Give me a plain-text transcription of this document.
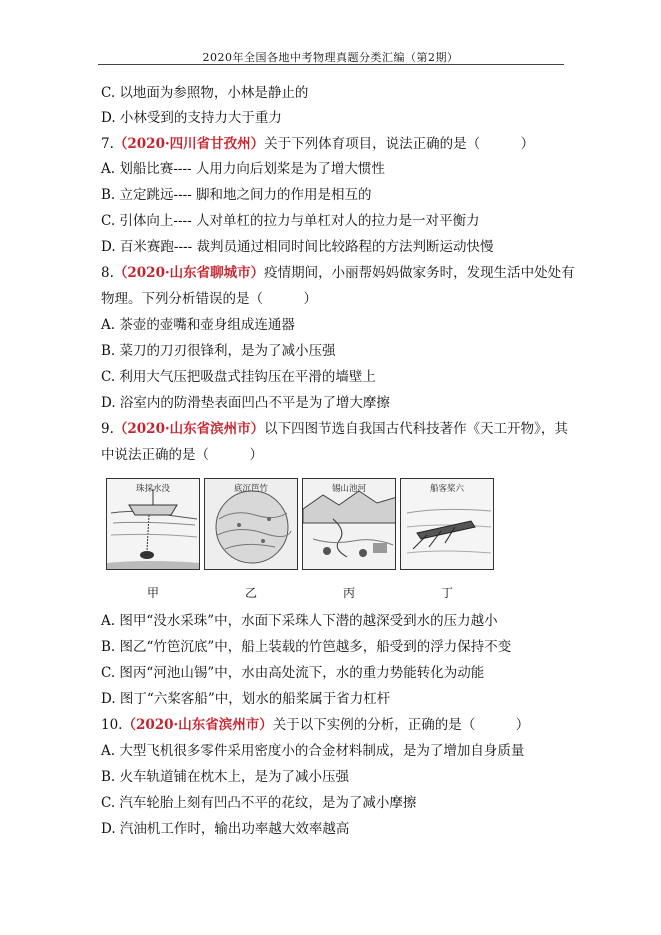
2020年全国各地中考物理真题分类汇编（第2期）
C. 以地面为参照物，小林是静止的
D. 小林受到的支持力大于重力
7.（2020·四川省甘孜州）关于下列体育项目，说法正确的是（　　　）
A. 划船比赛---- 人用力向后划桨是为了增大惯性
B. 立定跳远---- 脚和地之间力的作用是相互的
C. 引体向上---- 人对单杠的拉力与单杠对人的拉力是一对平衡力
D. 百米赛跑---- 裁判员通过相同时间比较路程的方法判断运动快慢
8.（2020·山东省聊城市）疫情期间，小丽帮妈妈做家务时，发现生活中处处有
物理。下列分析错误的是（　　　）
A. 茶壶的壶嘴和壶身组成连通器
B. 菜刀的刀刃很锋利，是为了减小压强
C. 利用大气压把吸盘式挂钩压在平滑的墙壁上
D. 浴室内的防滑垫表面凹凸不平是为了增大摩擦
9.（2020·山东省滨州市）以下四图节选自我国古代科技著作《天工开物》，其
中说法正确的是（　　　）
A. 图甲“没水采珠”中，水面下采珠人下潜的越深受到水的压力越小
B. 图乙“竹笆沉底”中，船上装载的竹笆越多，船受到的浮力保持不变
C. 图丙“河池山锡”中，水由高处流下，水的重力势能转化为动能
D. 图丁“六桨客船”中，划水的船桨属于省力杠杆
10.（2020·山东省滨州市）关于以下实例的分析，正确的是（　　　）
A. 大型飞机很多零件采用密度小的合金材料制成，是为了增加自身质量
B. 火车轨道铺在枕木上，是为了减小压强
C. 汽车轮胎上刻有凹凸不平的花纹，是为了减小摩擦
D. 汽油机工作时，输出功率越大效率越高
珠採水没
甲
底沉笆竹
乙
锡山池河
丙
船客桨六
丁
